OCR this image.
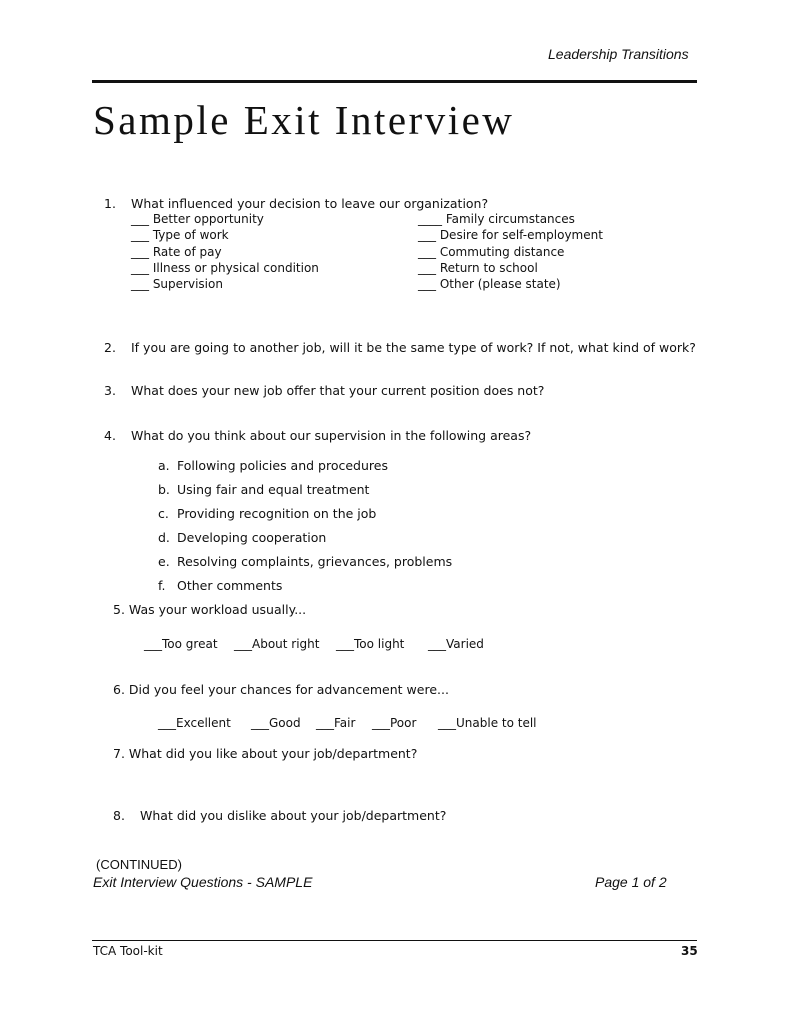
Leadership Transitions
Sample Exit Interview
1. What influenced your decision to leave our organization?
___ Better opportunity
___ Type of work
___ Rate of pay
___ Illness or physical condition
___ Supervision
____ Family circumstances
___ Desire for self-employment
___ Commuting distance
___ Return to school
___ Other (please state)
2. If you are going to another job, will it be the same type of work? If not, what kind of work?
3. What does your new job offer that your current position does not?
4. What do you think about our supervision in the following areas?
a. Following policies and procedures
b. Using fair and equal treatment
c. Providing recognition on the job
d. Developing cooperation
e. Resolving complaints, grievances, problems
f. Other comments
5. Was your workload usually...
___Too great ___About right ___Too light ___Varied
6. Did you feel your chances for advancement were...
___Excellent ___Good ___Fair ___Poor ___Unable to tell
7. What did you like about your job/department?
8. What did you dislike about your job/department?
(CONTINUED)
Exit Interview Questions - SAMPLE	Page 1 of 2
TCA Tool-kit	35
